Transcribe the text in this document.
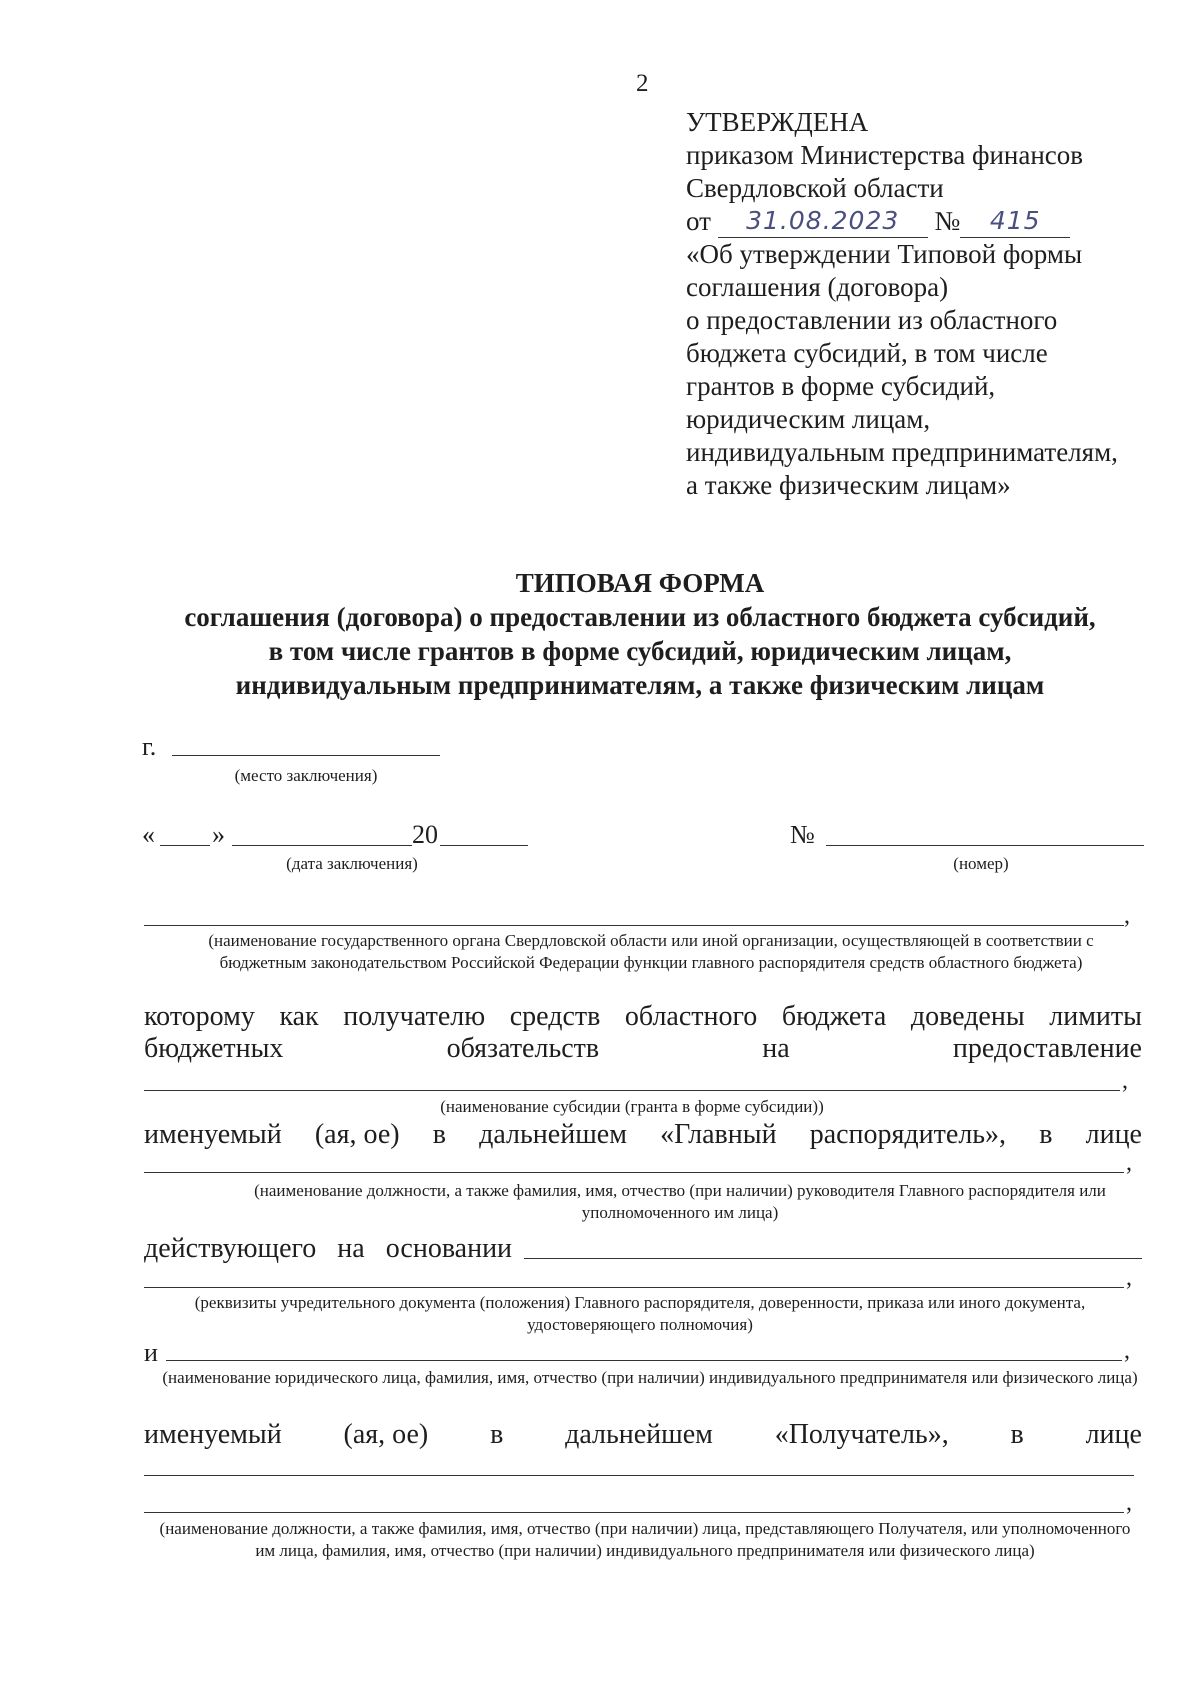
2
УТВЕРЖДЕНА
приказом Министерства финансов
Свердловской области
от	31.08.2023	№	415
«Об утверждении Типовой формы
соглашения (договора)
о предоставлении из областного
бюджета субсидий, в том числе
грантов в форме субсидий,
юридическим лицам,
индивидуальным предпринимателям,
а также физическим лицам»
ТИПОВАЯ ФОРМА
соглашения (договора) о предоставлении из областного бюджета субсидий,
в том числе грантов в форме субсидий, юридическим лицам,
индивидуальным предпринимателям, а также физическим лицам
г.
(место заключения)
« »	20
(дата заключения)
№
(номер)
,
(наименование государственного органа Свердловской области или иной организации, осуществляющей в соответствии с бюджетным законодательством Российской Федерации функции главного распорядителя средств областного бюджета)
которому как получателю средств областного бюджета доведены лимиты
бюджетных	обязательств	на	предоставление
,
(наименование субсидии (гранта в форме субсидии))
именуемый (ая, ое) в дальнейшем «Главный распорядитель», в лице
,
(наименование должности, а также фамилия, имя, отчество (при наличии) руководителя Главного распорядителя или уполномоченного им лица)
действующего на основании
,
(реквизиты учредительного документа (положения) Главного распорядителя, доверенности, приказа или иного документа, удостоверяющего полномочия)
и	,
(наименование юридического лица, фамилия, имя, отчество (при наличии) индивидуального предпринимателя или физического лица)
именуемый (ая, ое) в дальнейшем «Получатель», в лице
,
(наименование должности, а также фамилия, имя, отчество (при наличии) лица, представляющего Получателя, или уполномоченного им лица, фамилия, имя, отчество (при наличии) индивидуального предпринимателя или физического лица)
